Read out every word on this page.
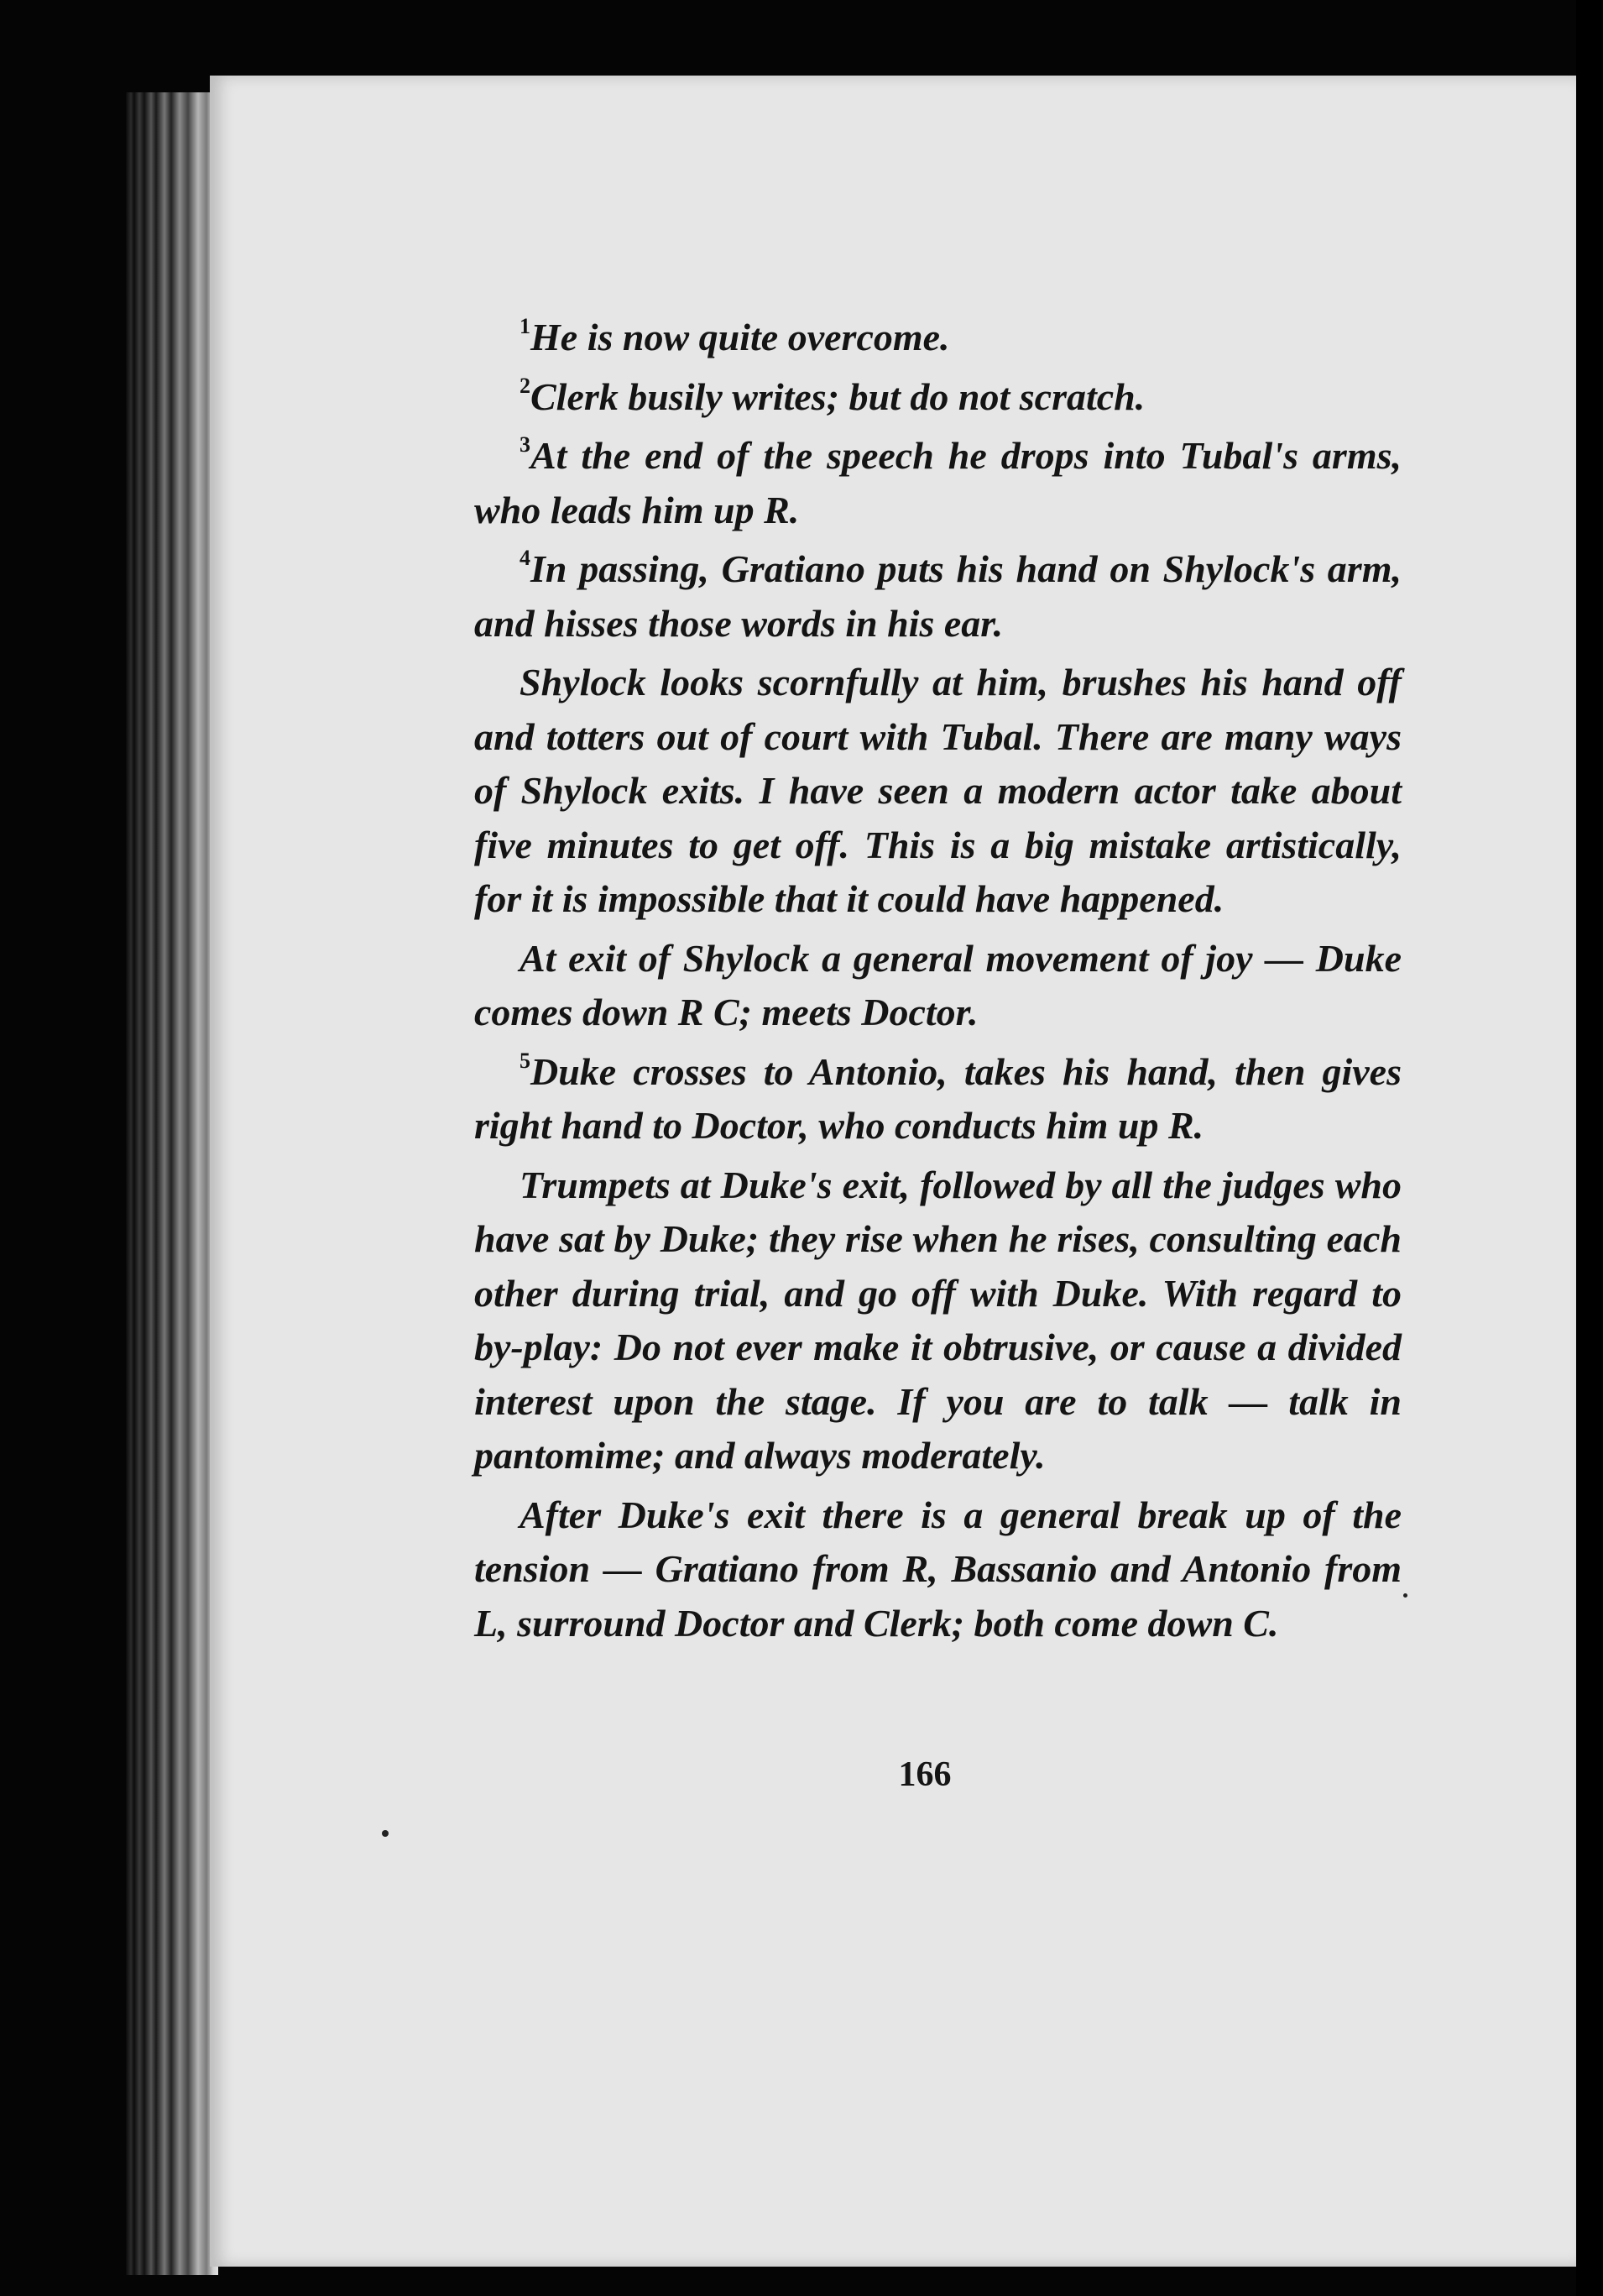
$^1$He is now quite overcome.

$^2$Clerk busily writes; but do not scratch.

$^3$At the end of the speech he drops into Tubal's arms, who leads him up R.

$^4$In passing, Gratiano puts his hand on Shylock's arm, and hisses those words in his ear.

Shylock looks scornfully at him, brushes his hand off and totters out of court with Tubal. There are many ways of Shylock exits. I have seen a modern actor take about five minutes to get off. This is a big mistake artistically, for it is impossible that it could have happened.

At exit of Shylock a general movement of joy — Duke comes down R C; meets Doctor.

$^5$Duke crosses to Antonio, takes his hand, then gives right hand to Doctor, who conducts him up R.

Trumpets at Duke's exit, followed by all the judges who have sat by Duke; they rise when he rises, consulting each other during trial, and go off with Duke. With regard to by-play: Do not ever make it obtrusive, or cause a divided interest upon the stage. If you are to talk — talk in pantomime; and always moderately.

After Duke's exit there is a general break up of the tension — Gratiano from R, Bassanio and Antonio from L, surround Doctor and Clerk; both come down C.

166
